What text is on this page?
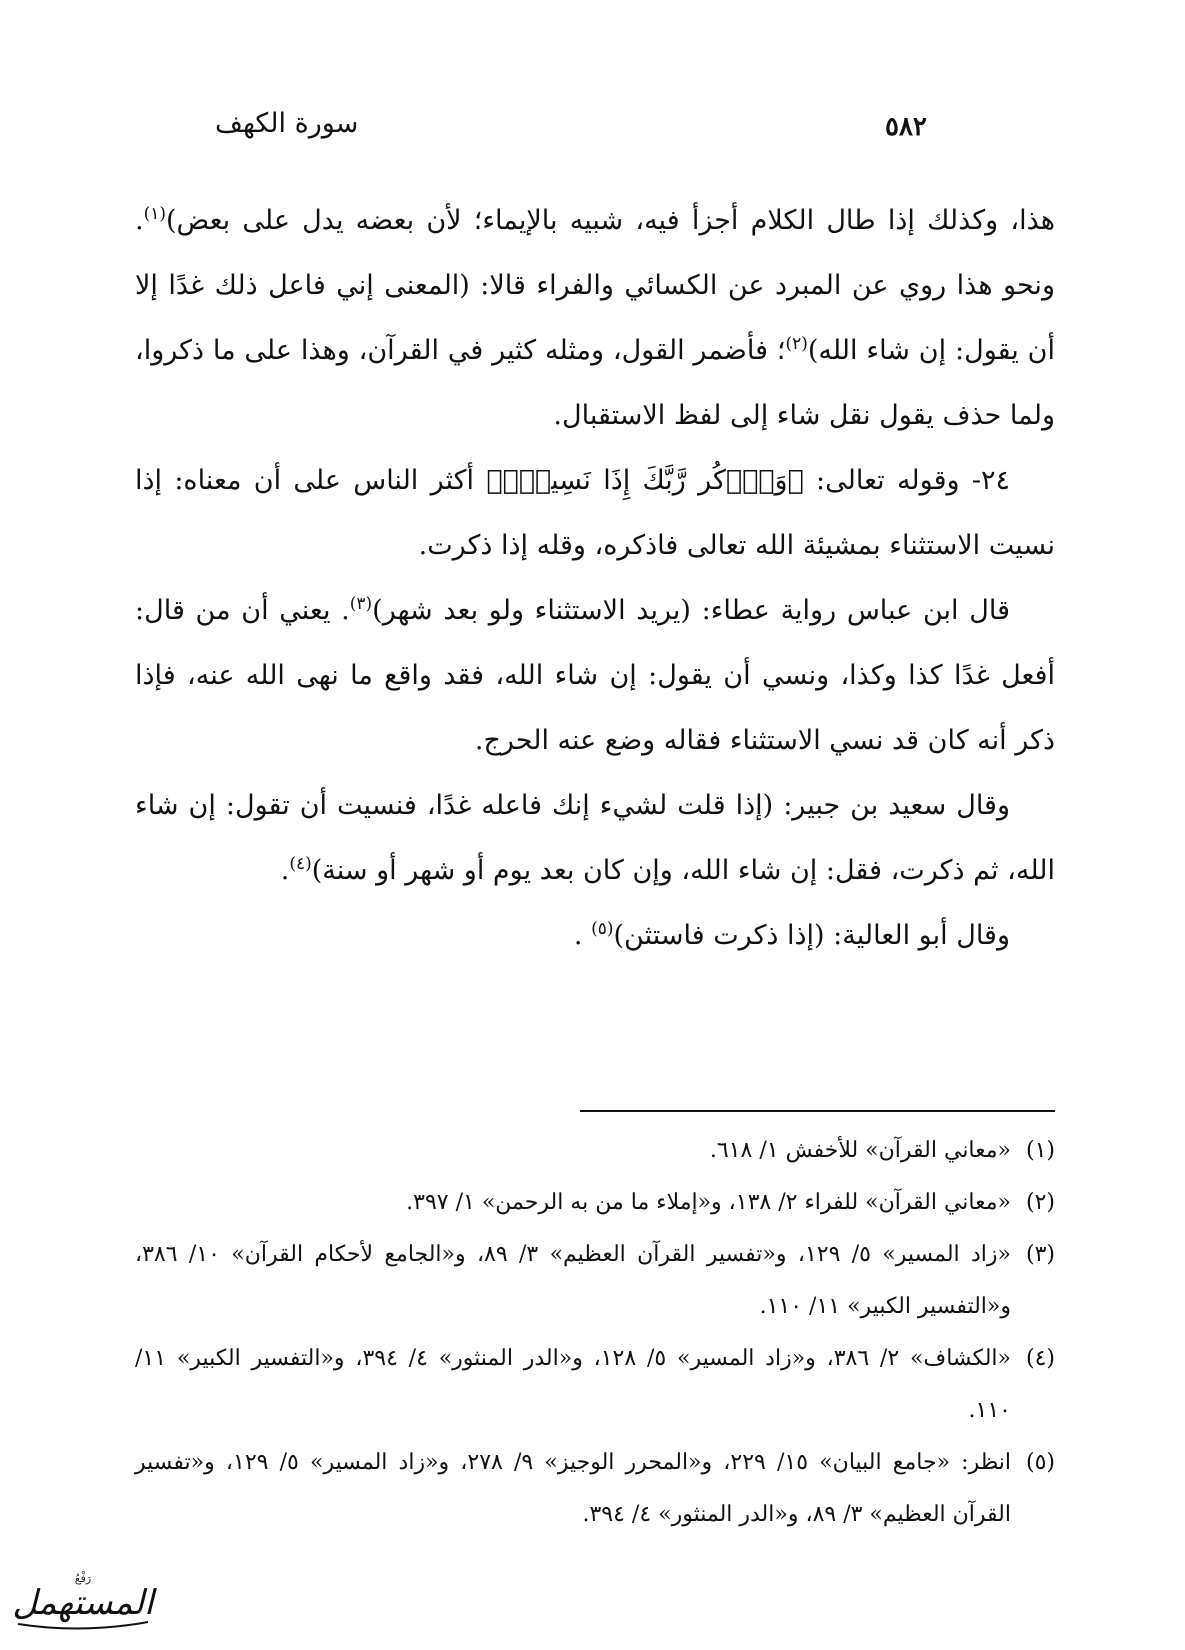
سورة الكهف	٥٨٢

هذا، وكذلك إذا طال الكلام أجزأ فيه، شبيه بالإيماء؛ لأن بعضه يدل على بعض)$^{(١)}$. ونحو هذا روي عن المبرد عن الكسائي والفراء قالا: (المعنى إني فاعل ذلك غدًا إلا أن يقول: إن شاء الله)$^{(٢)}$؛ فأضمر القول، ومثله كثير في القرآن، وهذا على ما ذكروا، ولما حذف يقول نقل شاء إلى لفظ الاستقبال.

٢٤- وقوله تعالى: ﴿وَٱذۡكُر رَّبَّكَ إِذَا نَسِيتَۚ﴾ أكثر الناس على أن معناه: إذا نسيت الاستثناء بمشيئة الله تعالى فاذكره، وقله إذا ذكرت.

قال ابن عباس رواية عطاء: (يريد الاستثناء ولو بعد شهر)$^{(٣)}$. يعني أن من قال: أفعل غدًا كذا وكذا، ونسي أن يقول: إن شاء الله، فقد واقع ما نهى الله عنه، فإذا ذكر أنه كان قد نسي الاستثناء فقاله وضع عنه الحرج.

وقال سعيد بن جبير: (إذا قلت لشيء إنك فاعله غدًا، فنسيت أن تقول: إن شاء الله، ثم ذكرت، فقل: إن شاء الله، وإن كان بعد يوم أو شهر أو سنة)$^{(٤)}$.

وقال أبو العالية: (إذا ذكرت فاستثن)$^{(٥)}$ .

(١)«معاني القرآن» للأخفش ١/ ٦١٨.

(٢)«معاني القرآن» للفراء ٢/ ١٣٨، و«إملاء ما من به الرحمن» ١/ ٣٩٧.

(٣)«زاد المسير» ٥/ ١٢٩، و«تفسير القرآن العظيم» ٣/ ٨٩، و«الجامع لأحكام القرآن» ١٠/ ٣٨٦، و«التفسير الكبير» ١١/ ١١٠.

(٤)«الكشاف» ٢/ ٣٨٦، و«زاد المسير» ٥/ ١٢٨، و«الدر المنثور» ٤/ ٣٩٤، و«التفسير الكبير» ١١/ ١١٠.

(٥)انظر: «جامع البيان» ١٥/ ٢٢٩، و«المحرر الوجيز» ٩/ ٢٧٨، و«زاد المسير» ٥/ ١٢٩، و«تفسير القرآن العظيم» ٣/ ٨٩، و«الدر المنثور» ٤/ ٣٩٤.

رَفْعُ
المستهمل
